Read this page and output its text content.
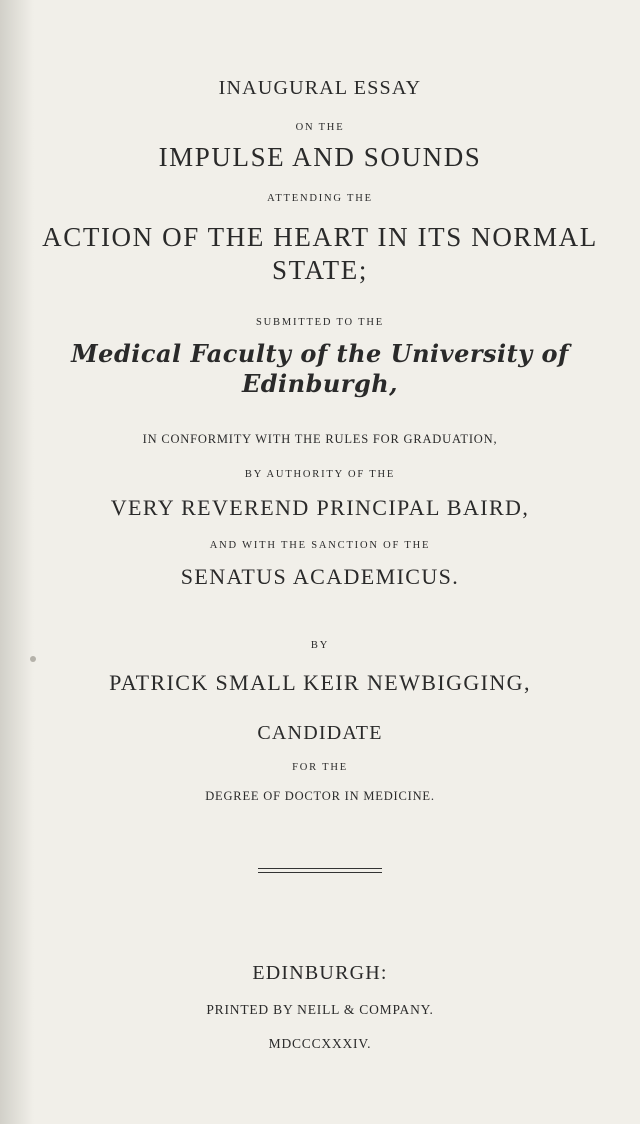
INAUGURAL ESSAY

ON THE

IMPULSE AND SOUNDS

ATTENDING THE

ACTION OF THE HEART IN ITS NORMAL

STATE;

SUBMITTED TO THE

Medical Faculty of the University of

Edinburgh,

IN CONFORMITY WITH THE RULES FOR GRADUATION,

BY AUTHORITY OF THE

VERY REVEREND PRINCIPAL BAIRD,

AND WITH THE SANCTION OF THE

SENATUS ACADEMICUS.

BY

PATRICK SMALL KEIR NEWBIGGING,

CANDIDATE

FOR THE

DEGREE OF DOCTOR IN MEDICINE.

EDINBURGH:

PRINTED BY NEILL & COMPANY.

MDCCCXXXIV.
